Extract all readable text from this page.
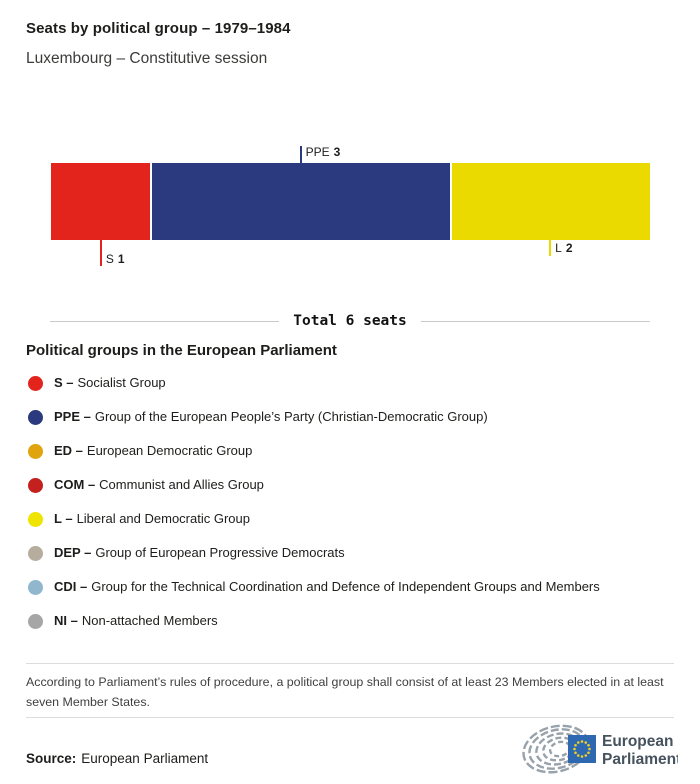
Seats by political group – 1979–1984
Luxembourg – Constitutive session
S 1
PPE 3
L 2
Total 6 seats
Political groups in the European Parliament
S – Socialist Group
PPE – Group of the European People’s Party (Christian-Democratic Group)
ED – European Democratic Group
COM – Communist and Allies Group
L – Liberal and Democratic Group
DEP – Group of European Progressive Democrats
CDI – Group for the Technical Coordination and Defence of Independent Groups and Members
NI – Non-attached Members
According to Parliament’s rules of procedure, a political group shall consist of at least 23 Members elected in at least seven Member States.
Source: European Parliament
European
Parliament
